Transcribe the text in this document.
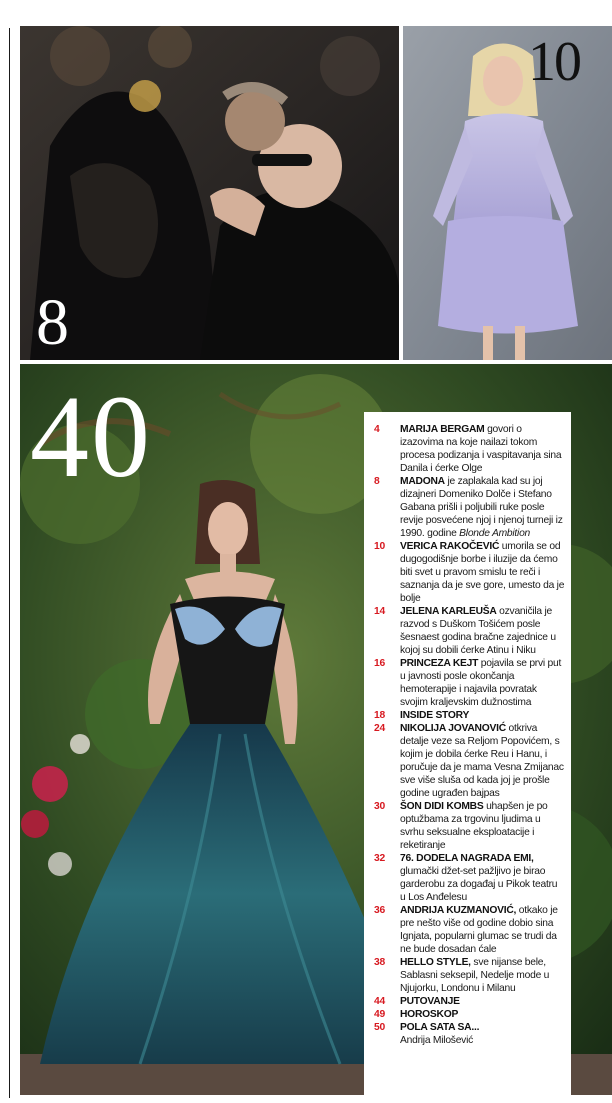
8
10
40	4	MARIJA BERGAM govori o izazovima na koje nailazi tokom procesa podizanja i vaspitavanja sina Danila i ćerke Olge
8	MADONA je zaplakala kad su joj dizajneri Domeniko Dolče i Stefano Gabana prišli i poljubili ruke posle revije posvećene njoj i njenoj turneji iz 1990. godine Blonde Ambition
10	VERICA RAKOČEVIĆ umorila se od dugogodišnje borbe i iluzije da ćemo biti svet u pravom smislu te reči i saznanja da je sve gore, umesto da je bolje
14	JELENA KARLEUŠA ozvaničila je razvod s Duškom Tošićem posle šesnaest godina bračne zajednice u kojoj su dobili ćerke Atinu i Niku
16	PRINCEZA KEJT pojavila se prvi put u javnosti posle okončanja hemoterapije i najavila povratak svojim kraljevskim dužnostima
18	INSIDE STORY
24	NIKOLIJA JOVANOVIĆ otkriva detalje veze sa Reljom Popovićem, s kojim je dobila ćerke Reu i Hanu, i poručuje da je mama Vesna Zmijanac sve više sluša od kada joj je prošle godine ugrađen bajpas
30	ŠON DIDI KOMBS uhapšen je po optužbama za trgovinu ljudima u svrhu seksualne eksploatacije i reketiranje
32	76. DODELA NAGRADA EMI, glumački džet-set pažljivo je birao garderobu za događaj u Pikok teatru u Los Anđelesu
36	ANDRIJA KUZMANOVIĆ, otkako je pre nešto više od godine dobio sina Ignjata, popularni glumac se trudi da ne bude dosadan ćale
38	HELLO STYLE, sve nijanse bele, Sablasni seksepil, Nedelje mode u Njujorku, Londonu i Milanu
44	PUTOVANJE
49	HOROSKOP
50	POLA SATA SA...
Andrija Milošević
